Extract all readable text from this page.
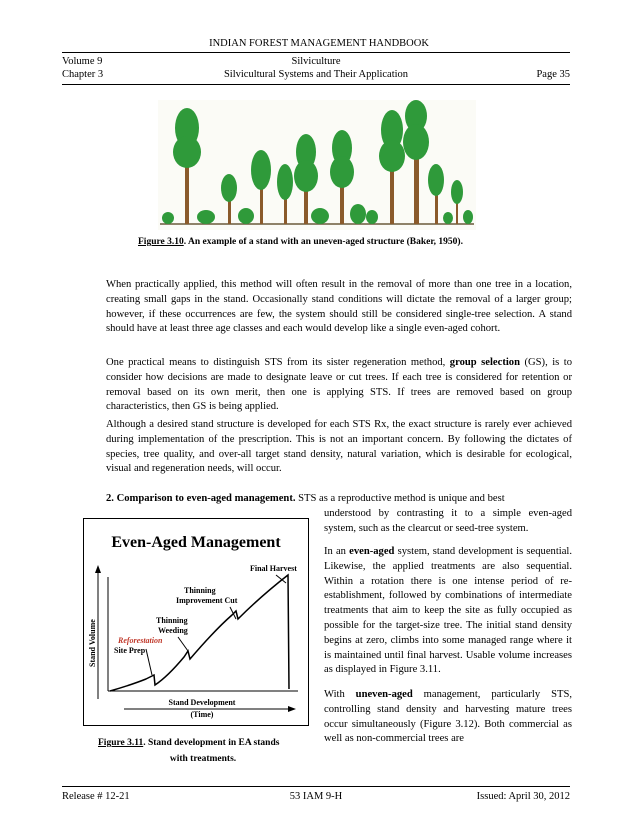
INDIAN FOREST MANAGEMENT HANDBOOK
Volume 9	Silviculture
Chapter 3	Silvicultural Systems and Their Application	Page 35
Figure 3.10. An example of a stand with an uneven-aged structure (Baker, 1950).

When practically applied, this method will often result in the removal of more than one tree in a location, creating small gaps in the stand. Occasionally stand conditions will dictate the removal of a larger group; however, if these occurrences are few, the system should still be considered single-tree selection. A stand should have at least three age classes and each would develop like a single even-aged cohort.

One practical means to distinguish STS from its sister regeneration method, group selection (GS), is to consider how decisions are made to designate leave or cut trees. If each tree is considered for retention or removal based on its own merit, then one is applying STS. If trees are removed based on group characteristics, then GS is being applied.

Although a desired stand structure is developed for each STS Rx, the exact structure is rarely ever achieved during implementation of the prescription. This is not an important concern. By following the dictates of species, tree quality, and over-all target stand density, natural variation, which is desirable for ecological, visual and regeneration needs, will occur.

2. Comparison to even-aged management. STS as a reproductive method is unique and best

understood by contrasting it to a simple even-aged system, such as the clearcut or seed-tree system.

In an even-aged system, stand development is sequential. Likewise, the applied treatments are also sequential. Within a rotation there is one intense period of re-establishment, followed by combinations of intermediate treatments that aim to keep the site as fully occupied as possible for the target-size tree. The initial stand density begins at zero, climbs into some managed range where it is maintained until final harvest. Usable volume increases as displayed in Figure 3.11.

With uneven-aged management, particularly STS, controlling stand density and harvesting mature trees occur simultaneously (Figure 3.12). Both commercial as well as non-commercial trees are

Even-Aged Management
Stand Volume
Stand Development
(Time)
Final Harvest
Thinning
Improvement Cut
Thinning
Weeding
Reforestation
Site Prep
Figure 3.11. Stand development in EA stands
with treatments.
Release # 12-21	53 IAM 9-H	Issued: April 30, 2012
